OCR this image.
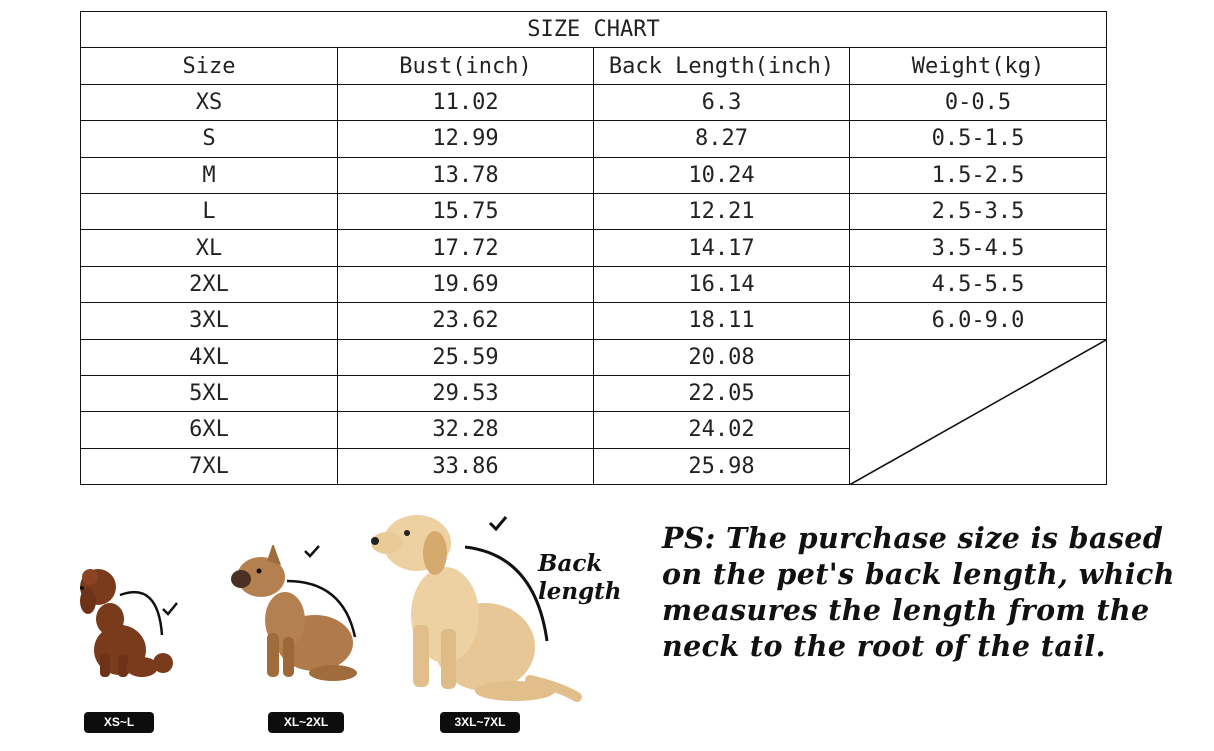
SIZE CHART			
Size	Bust(inch)	Back Length(inch)	Weight(kg)
XS	11.02	6.3	0-0.5
S	12.99	8.27	0.5-1.5
M	13.78	10.24	1.5-2.5
L	15.75	12.21	2.5-3.5
XL	17.72	14.17	3.5-4.5
2XL	19.69	16.14	4.5-5.5
3XL	23.62	18.11	6.0-9.0
4XL	25.59	20.08	

5XL	29.53	22.05	
6XL	32.28	24.02	
7XL	33.86	25.98	
Back
length
XS~L	XL~2XL	3XL~7XL
PS: The purchase size is based on the pet's back length, which measures the length from the neck to the root of the tail.
